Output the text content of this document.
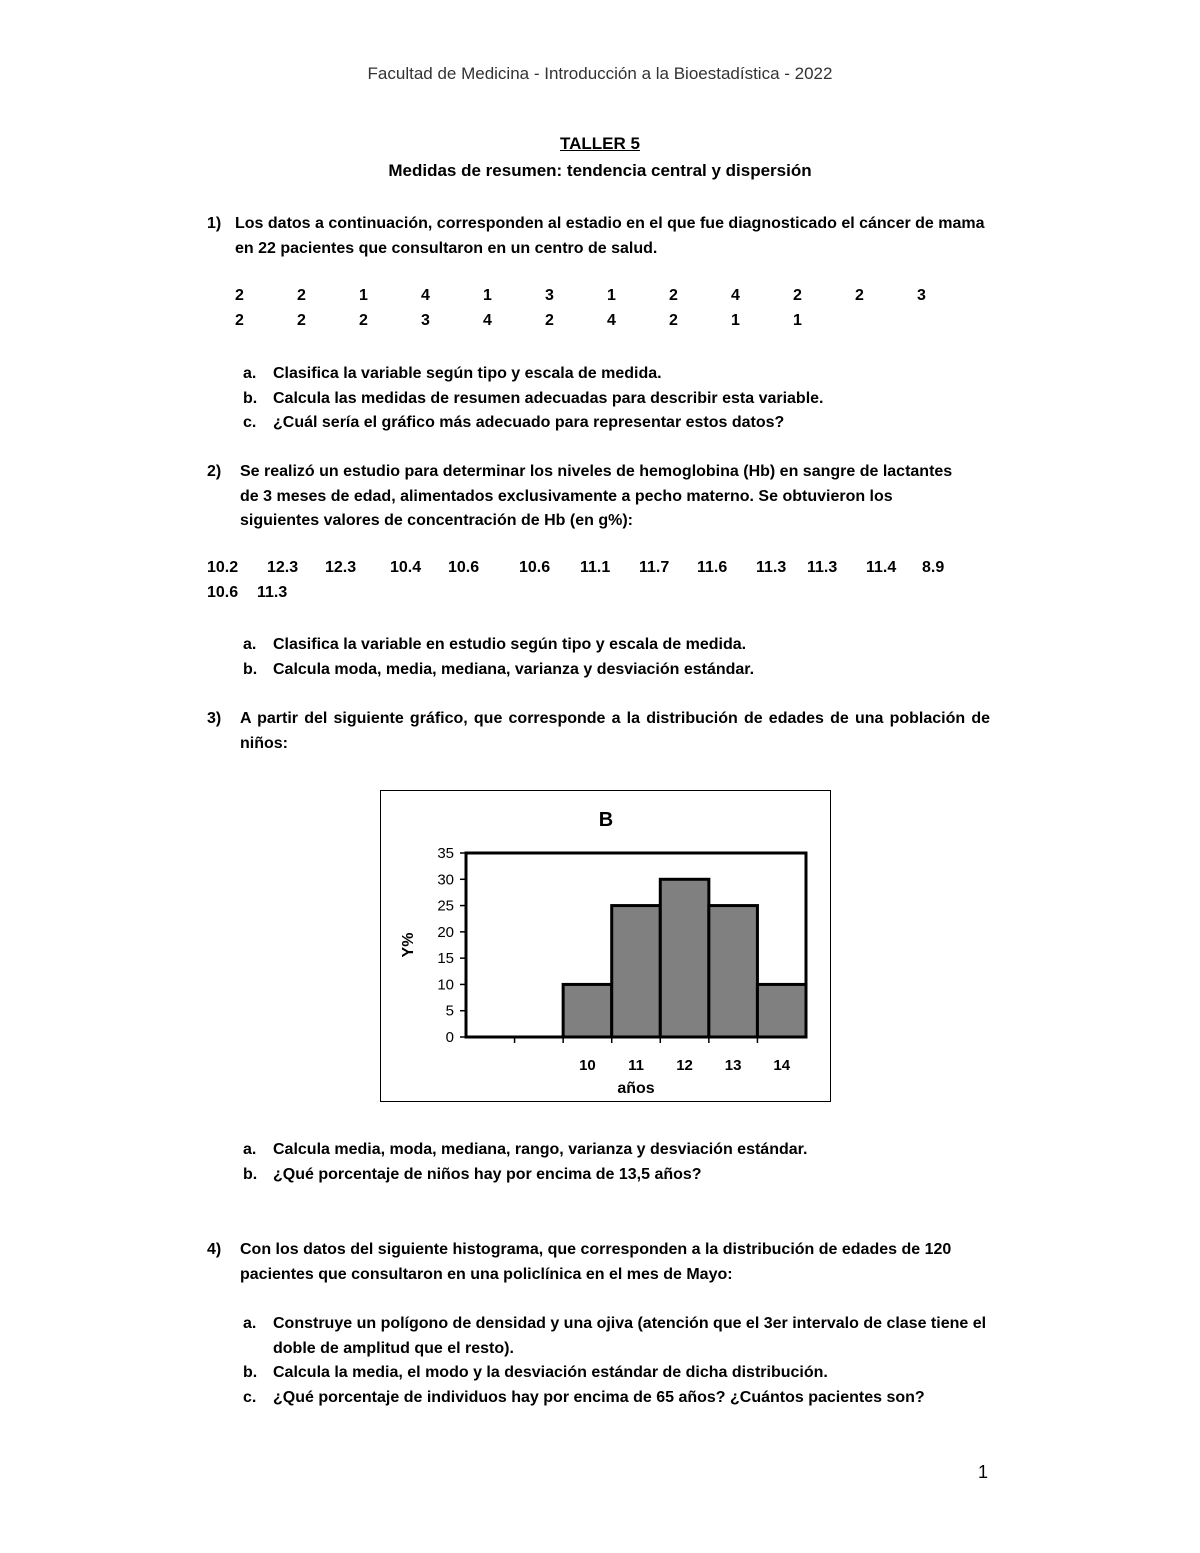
Facultad de Medicina - Introducción a la Bioestadística - 2022
TALLER 5
Medidas de resumen: tendencia central y dispersión
1) Los datos a continuación, corresponden al estadio en el que fue diagnosticado el cáncer de mama en 22 pacientes que consultaron en un centro de salud.
2	2	1	4	1	3	1	2	4	2	2	3
2	2	2	3	4	2	4	2	1	1
a. Clasifica la variable según tipo y escala de medida.
b. Calcula las medidas de resumen adecuadas para describir esta variable.
c. ¿Cuál sería el gráfico más adecuado para representar estos datos?
2) Se realizó un estudio para determinar los niveles de hemoglobina (Hb) en sangre de lactantes de 3 meses de edad, alimentados exclusivamente a pecho materno. Se obtuvieron los siguientes valores de concentración de Hb (en g%):
10.2 12.3 12.3 10.4 10.6 10.6 11.1 11.7 11.6 11.3 11.3 11.4 8.9
10.6 11.3
a. Clasifica la variable en estudio según tipo y escala de medida.
b. Calcula moda, media, mediana, varianza y desviación estándar.
3) A partir del siguiente gráfico, que corresponde a la distribución de edades de una población de niños:
B
0
5
10
15
20
25
30
35
10 11 12 13 14
años
Y%
a. Calcula media, moda, mediana, rango, varianza y desviación estándar.
b. ¿Qué porcentaje de niños hay por encima de 13,5 años?
4) Con los datos del siguiente histograma, que corresponden a la distribución de edades de 120 pacientes que consultaron en una policlínica en el mes de Mayo:
a. Construye un polígono de densidad y una ojiva (atención que el 3er intervalo de clase tiene el doble de amplitud que el resto).
b. Calcula la media, el modo y la desviación estándar de dicha distribución.
c. ¿Qué porcentaje de individuos hay por encima de 65 años? ¿Cuántos pacientes son?
1
